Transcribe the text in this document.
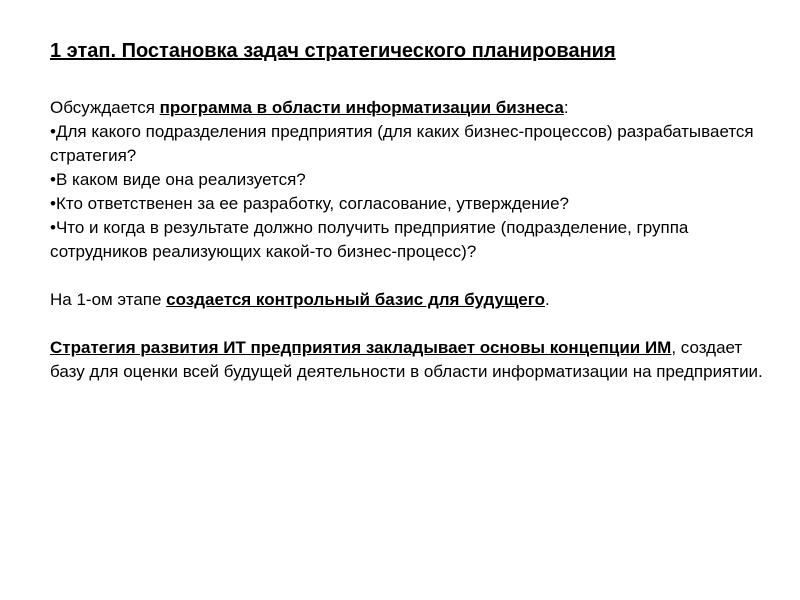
1 этап. Постановка задач стратегического планирования

Обсуждается программа в области информатизации бизнеса:

•Для какого подразделения предприятия (для каких бизнес-процессов) разрабатывается стратегия?

•В каком виде она реализуется?

•Кто ответственен за ее разработку, согласование, утверждение?

•Что и когда в результате должно получить предприятие (подразделение, группа сотрудников реализующих какой-то бизнес-процесс)?

На 1-ом этапе создается контрольный базис для будущего.

Стратегия развития ИТ предприятия закладывает основы концепции ИМ, создает базу для оценки всей будущей деятельности в области информатизации на предприятии.
